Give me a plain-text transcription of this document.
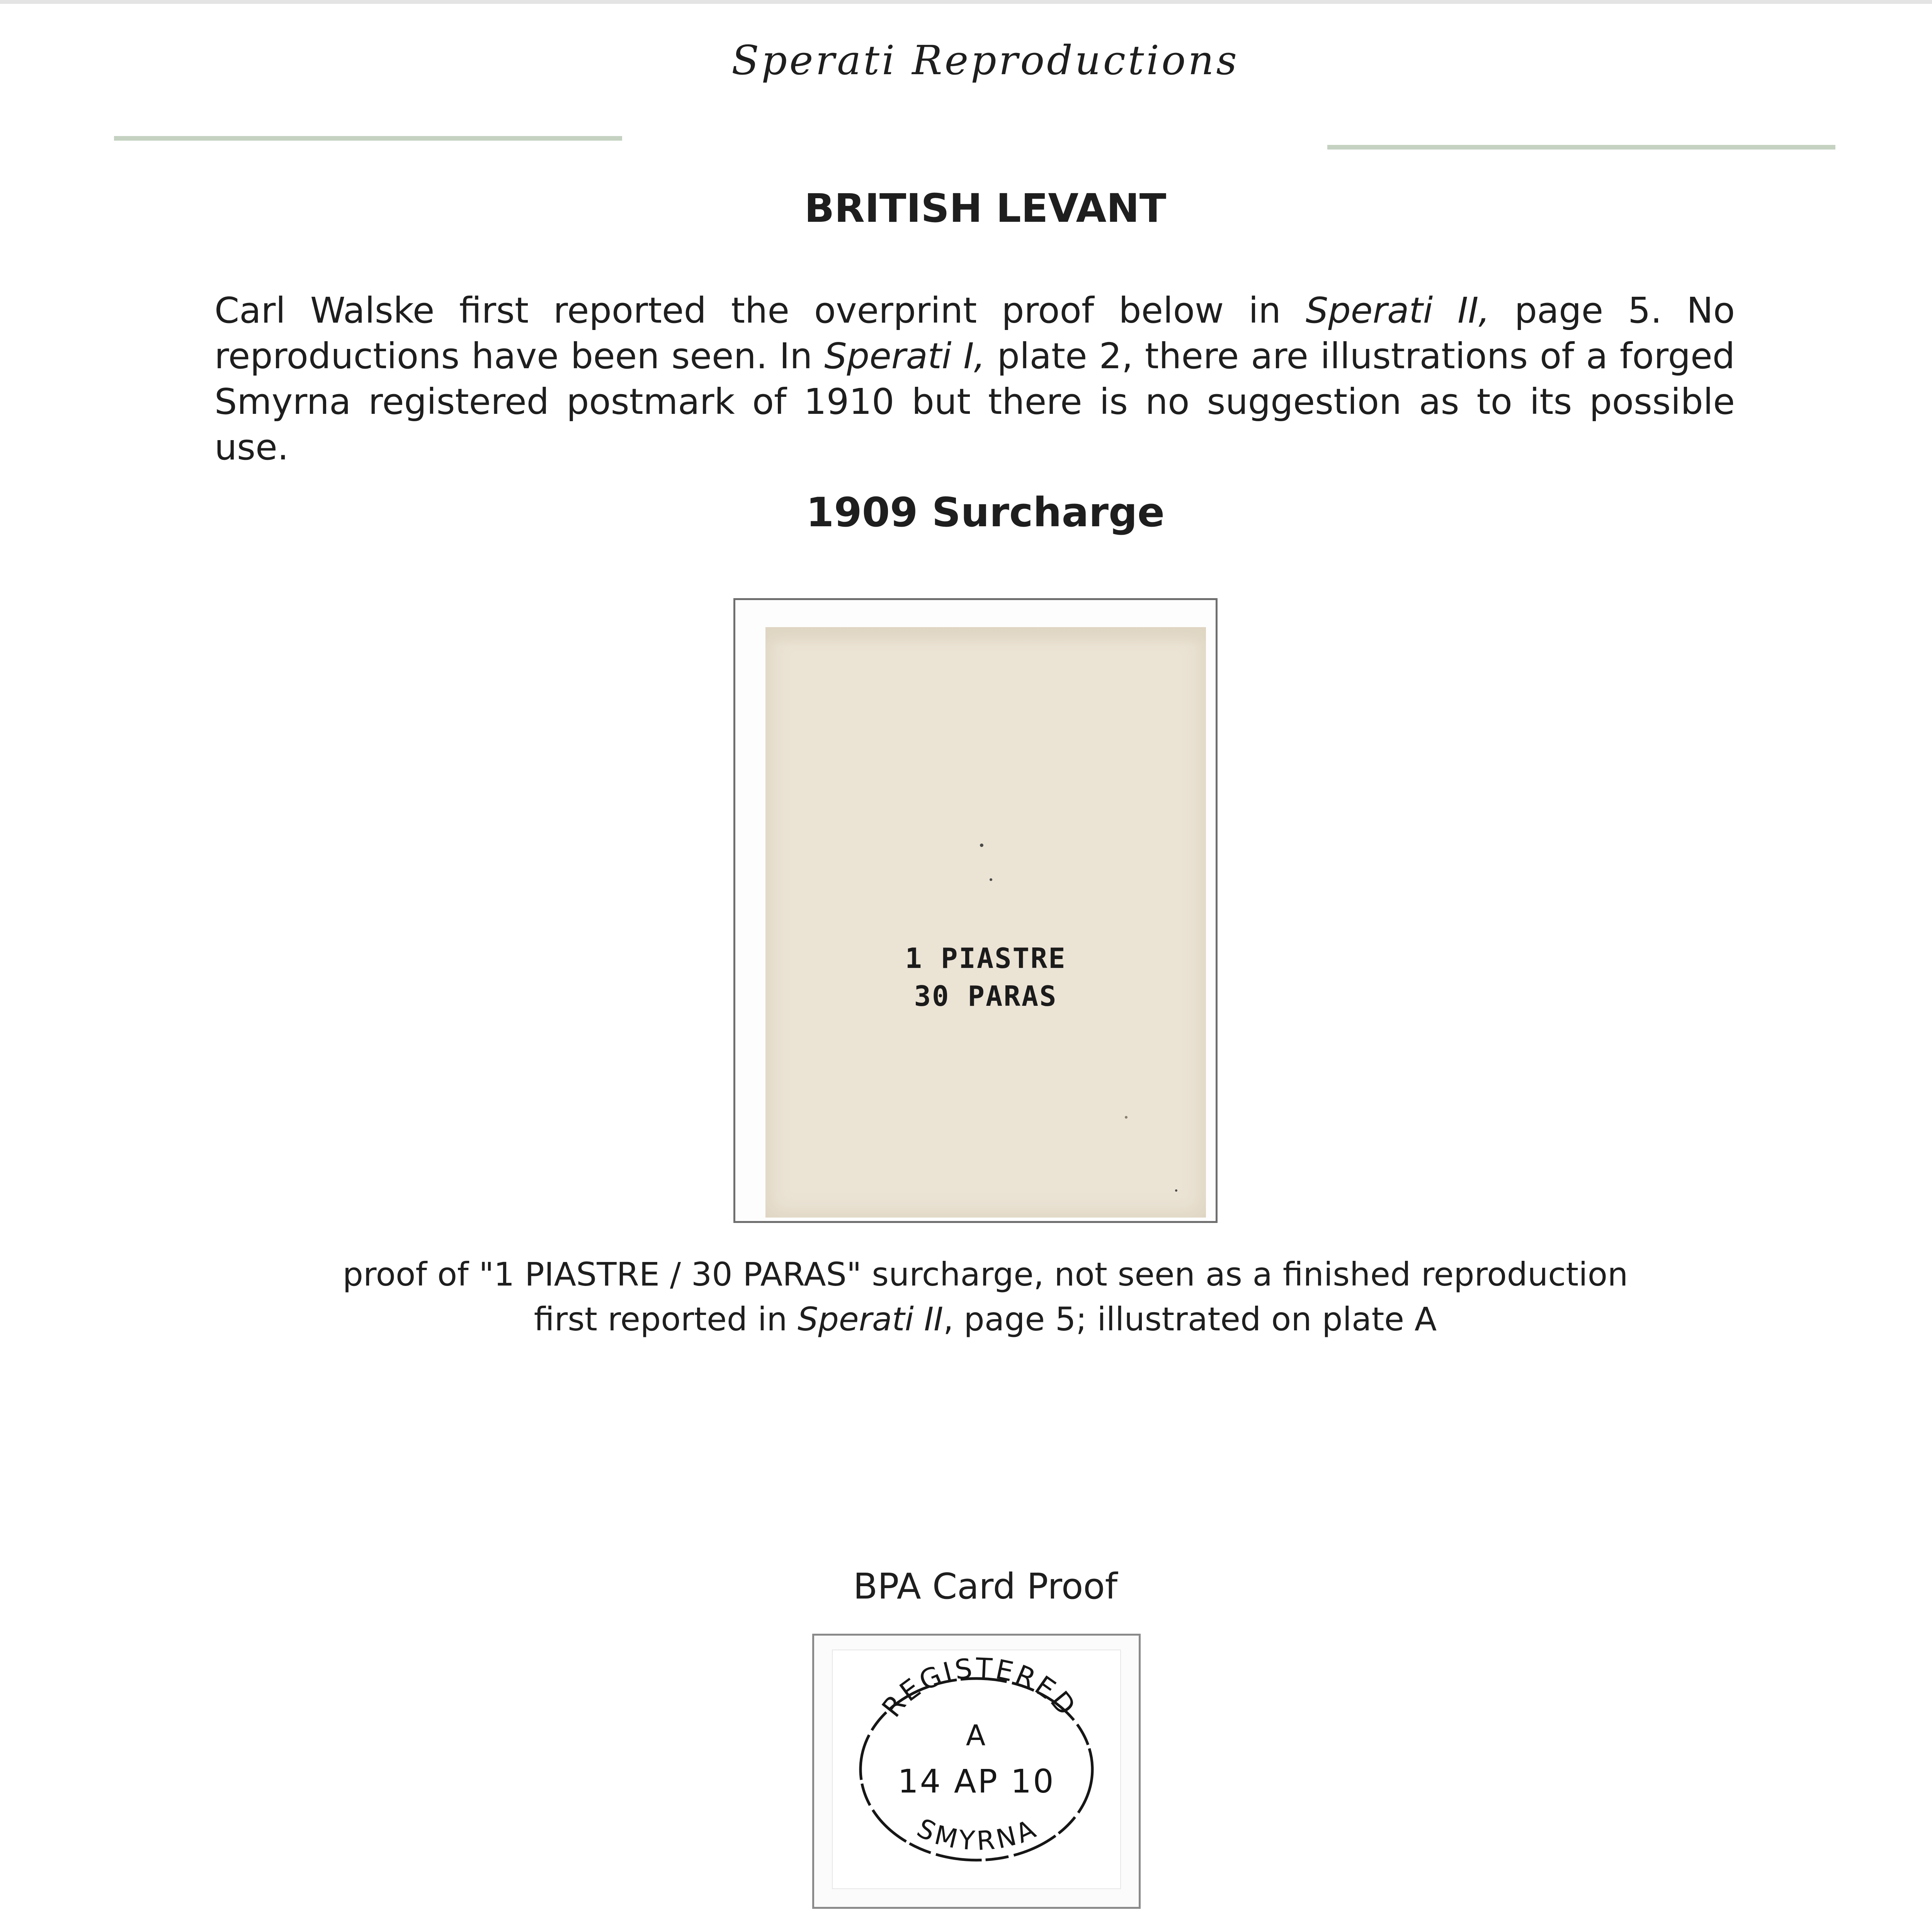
Sperati Reproductions
BRITISH LEVANT
Carl Walske first reported the overprint proof below in Sperati II, page 5. No reproductions have been seen. In Sperati I, plate 2, there are illustrations of a forged Smyrna registered postmark of 1910 but there is no suggestion as to its possible use.
1909 Surcharge
1 PIASTRE
30 PARAS
proof of "1 PIASTRE / 30 PARAS" surcharge, not seen as a finished reproduction
first reported in Sperati II, page 5; illustrated on plate A
BPA Card Proof
REGISTERED
SMYRNA
A
14 AP 10
